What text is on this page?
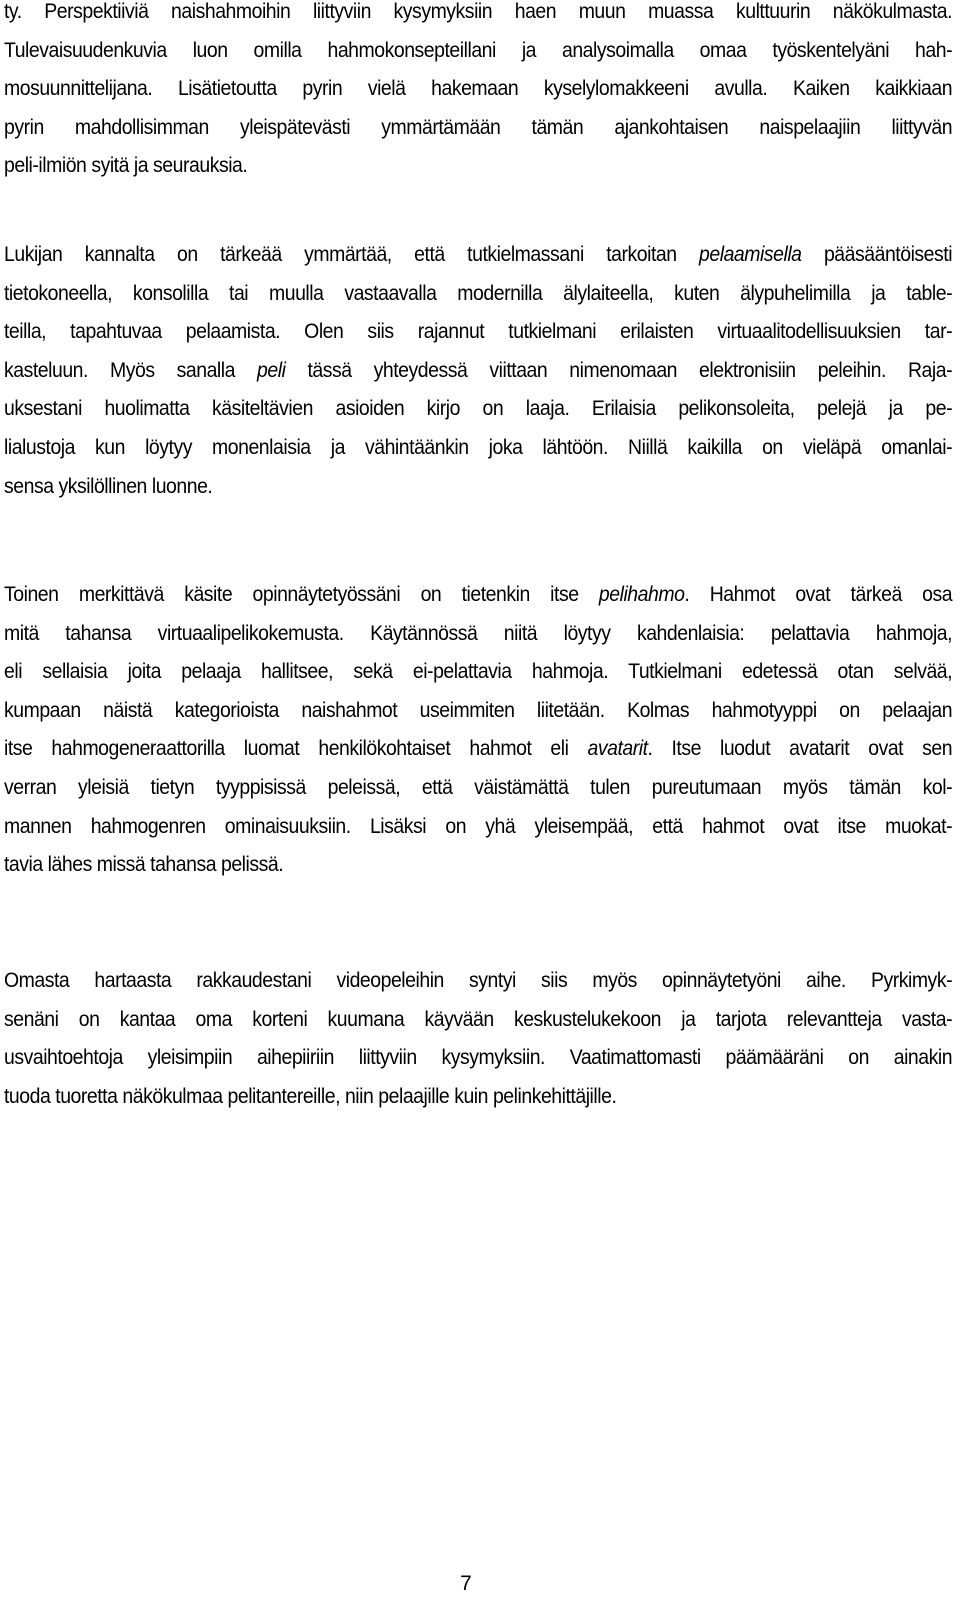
ty. Perspektiiviä naishahmoihin liittyviin kysymyksiin haen muun muassa kulttuurin näkökulmasta.
Tulevaisuudenkuvia luon omilla hahmokonsepteillani ja analysoimalla omaa työskentelyäni hah-
mosuunnittelijana. Lisätietoutta pyrin vielä hakemaan kyselylomakkeeni avulla. Kaiken kaikkiaan
pyrin mahdollisimman yleispätevästi ymmärtämään tämän ajankohtaisen naispelaajiin liittyvän
peli-ilmiön syitä ja seurauksia.
Lukijan kannalta on tärkeää ymmärtää, että tutkielmassani tarkoitan pelaamisella pääsääntöisesti
tietokoneella, konsolilla tai muulla vastaavalla modernilla älylaiteella, kuten älypuhelimilla ja table-
teilla, tapahtuvaa pelaamista. Olen siis rajannut tutkielmani erilaisten virtuaalitodellisuuksien tar-
kasteluun. Myös sanalla peli tässä yhteydessä viittaan nimenomaan elektronisiin peleihin. Raja-
uksestani huolimatta käsiteltävien asioiden kirjo on laaja. Erilaisia pelikonsoleita, pelejä ja pe-
lialustoja kun löytyy monenlaisia ja vähintäänkin joka lähtöön. Niillä kaikilla on vieläpä omanlai-
sensa yksilöllinen luonne.
Toinen merkittävä käsite opinnäytetyössäni on tietenkin itse pelihahmo. Hahmot ovat tärkeä osa
mitä tahansa virtuaalipelikokemusta. Käytännössä niitä löytyy kahdenlaisia: pelattavia hahmoja,
eli sellaisia joita pelaaja hallitsee, sekä ei-pelattavia hahmoja. Tutkielmani edetessä otan selvää,
kumpaan näistä kategorioista naishahmot useimmiten liitetään. Kolmas hahmotyyppi on pelaajan
itse hahmogeneraattorilla luomat henkilökohtaiset hahmot eli avatarit. Itse luodut avatarit ovat sen
verran yleisiä tietyn tyyppisissä peleissä, että väistämättä tulen pureutumaan myös tämän kol-
mannen hahmogenren ominaisuuksiin. Lisäksi on yhä yleisempää, että hahmot ovat itse muokat-
tavia lähes missä tahansa pelissä.
Omasta hartaasta rakkaudestani videopeleihin syntyi siis myös opinnäytetyöni aihe. Pyrkimyk-
senäni on kantaa oma korteni kuumana käyvään keskustelukekoon ja tarjota relevantteja vasta-
usvaihtoehtoja yleisimpiin aihepiiriin liittyviin kysymyksiin. Vaatimattomasti päämääräni on ainakin
tuoda tuoretta näkökulmaa pelitantereille, niin pelaajille kuin pelinkehittäjille.
7
